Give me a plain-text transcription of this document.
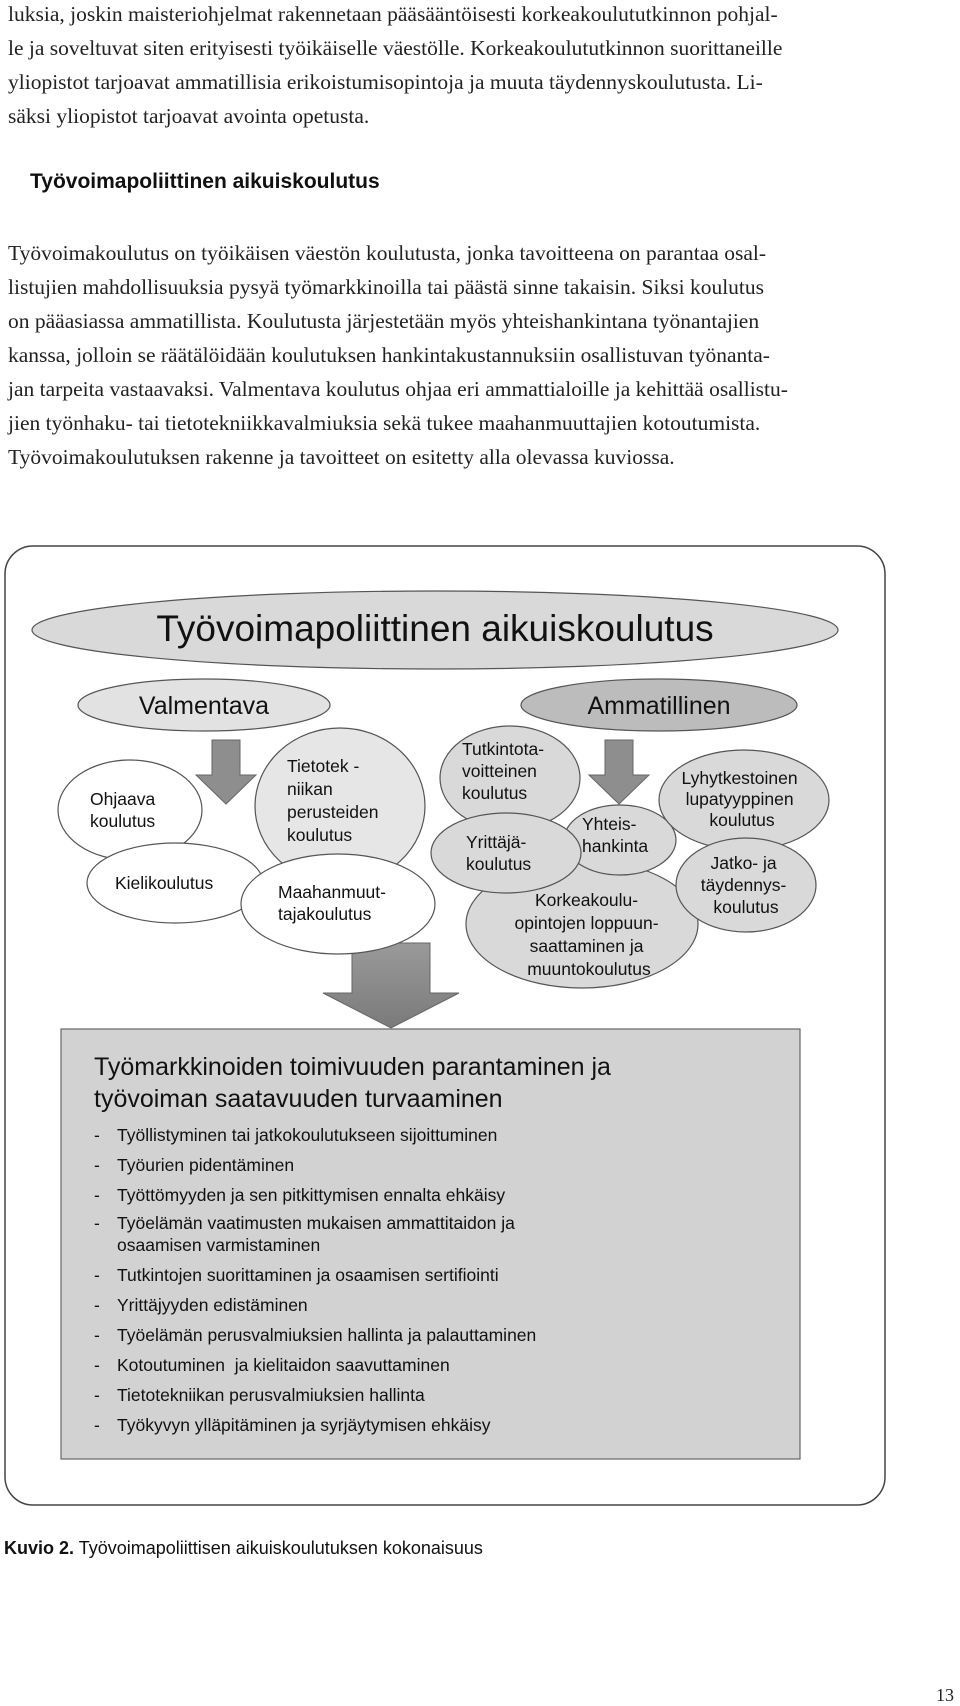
luksia, joskin maisteriohjelmat rakennetaan pääsääntöisesti korkeakoulututkinnon pohjal-
le ja soveltuvat siten erityisesti työikäiselle väestölle. Korkeakoulututkinnon suorittaneille
yliopistot tarjoavat ammatillisia erikoistumisopintoja ja muuta täydennyskoulutusta. Li-
säksi yliopistot tarjoavat avointa opetusta.
Työvoimapoliittinen aikuiskoulutus
Työvoimakoulutus on työikäisen väestön koulutusta, jonka tavoitteena on parantaa osal-
listujien mahdollisuuksia pysyä työmarkkinoilla tai päästä sinne takaisin. Siksi koulutus
on pääasiassa ammatillista. Koulutusta järjestetään myös yhteishankintana työnantajien
kanssa, jolloin se räätälöidään koulutuksen hankintakustannuksiin osallistuvan työnanta-
jan tarpeita vastaavaksi. Valmentava koulutus ohjaa eri ammattialoille ja kehittää osallistu-
jien työnhaku- tai tietotekniikkavalmiuksia sekä tukee maahanmuuttajien kotoutumista.
Työvoimakoulutuksen rakenne ja tavoitteet on esitetty alla olevassa kuviossa.
Työvoimapoliittinen aikuiskoulutus
Valmentava	Ammatillinen
Ohjaava koulutus
Kielikoulutus
Tietotek - niikan perusteiden koulutus
Maahanmuut- tajakoulutus
Tutkintota- voitteinen koulutus
Korkeakoulu- opintojen loppuun- saattaminen ja muuntokoulutus
Yhteis- hankinta
Yrittäjä- koulutus
Lyhytkestoinen lupatyyppinen koulutus
Jatko- ja täydennys- koulutus
Työmarkkinoiden toimivuuden parantaminen ja
työvoiman saatavuuden turvaaminen
- Työllistyminen tai jatkokoulutukseen sijoittuminen
- Työurien pidentäminen
- Työttömyyden ja sen pitkittymisen ennalta ehkäisy
- Työelämän vaatimusten mukaisen ammattitaidon ja
osaamisen varmistaminen
- Tutkintojen suorittaminen ja osaamisen sertifiointi
- Yrittäjyyden edistäminen
- Työelämän perusvalmiuksien hallinta ja palauttaminen
- Kotoutuminen  ja kielitaidon saavuttaminen
- Tietotekniikan perusvalmiuksien hallinta
- Työkyvyn ylläpitäminen ja syrjäytymisen ehkäisy
Kuvio 2. Työvoimapoliittisen aikuiskoulutuksen kokonaisuus
13
